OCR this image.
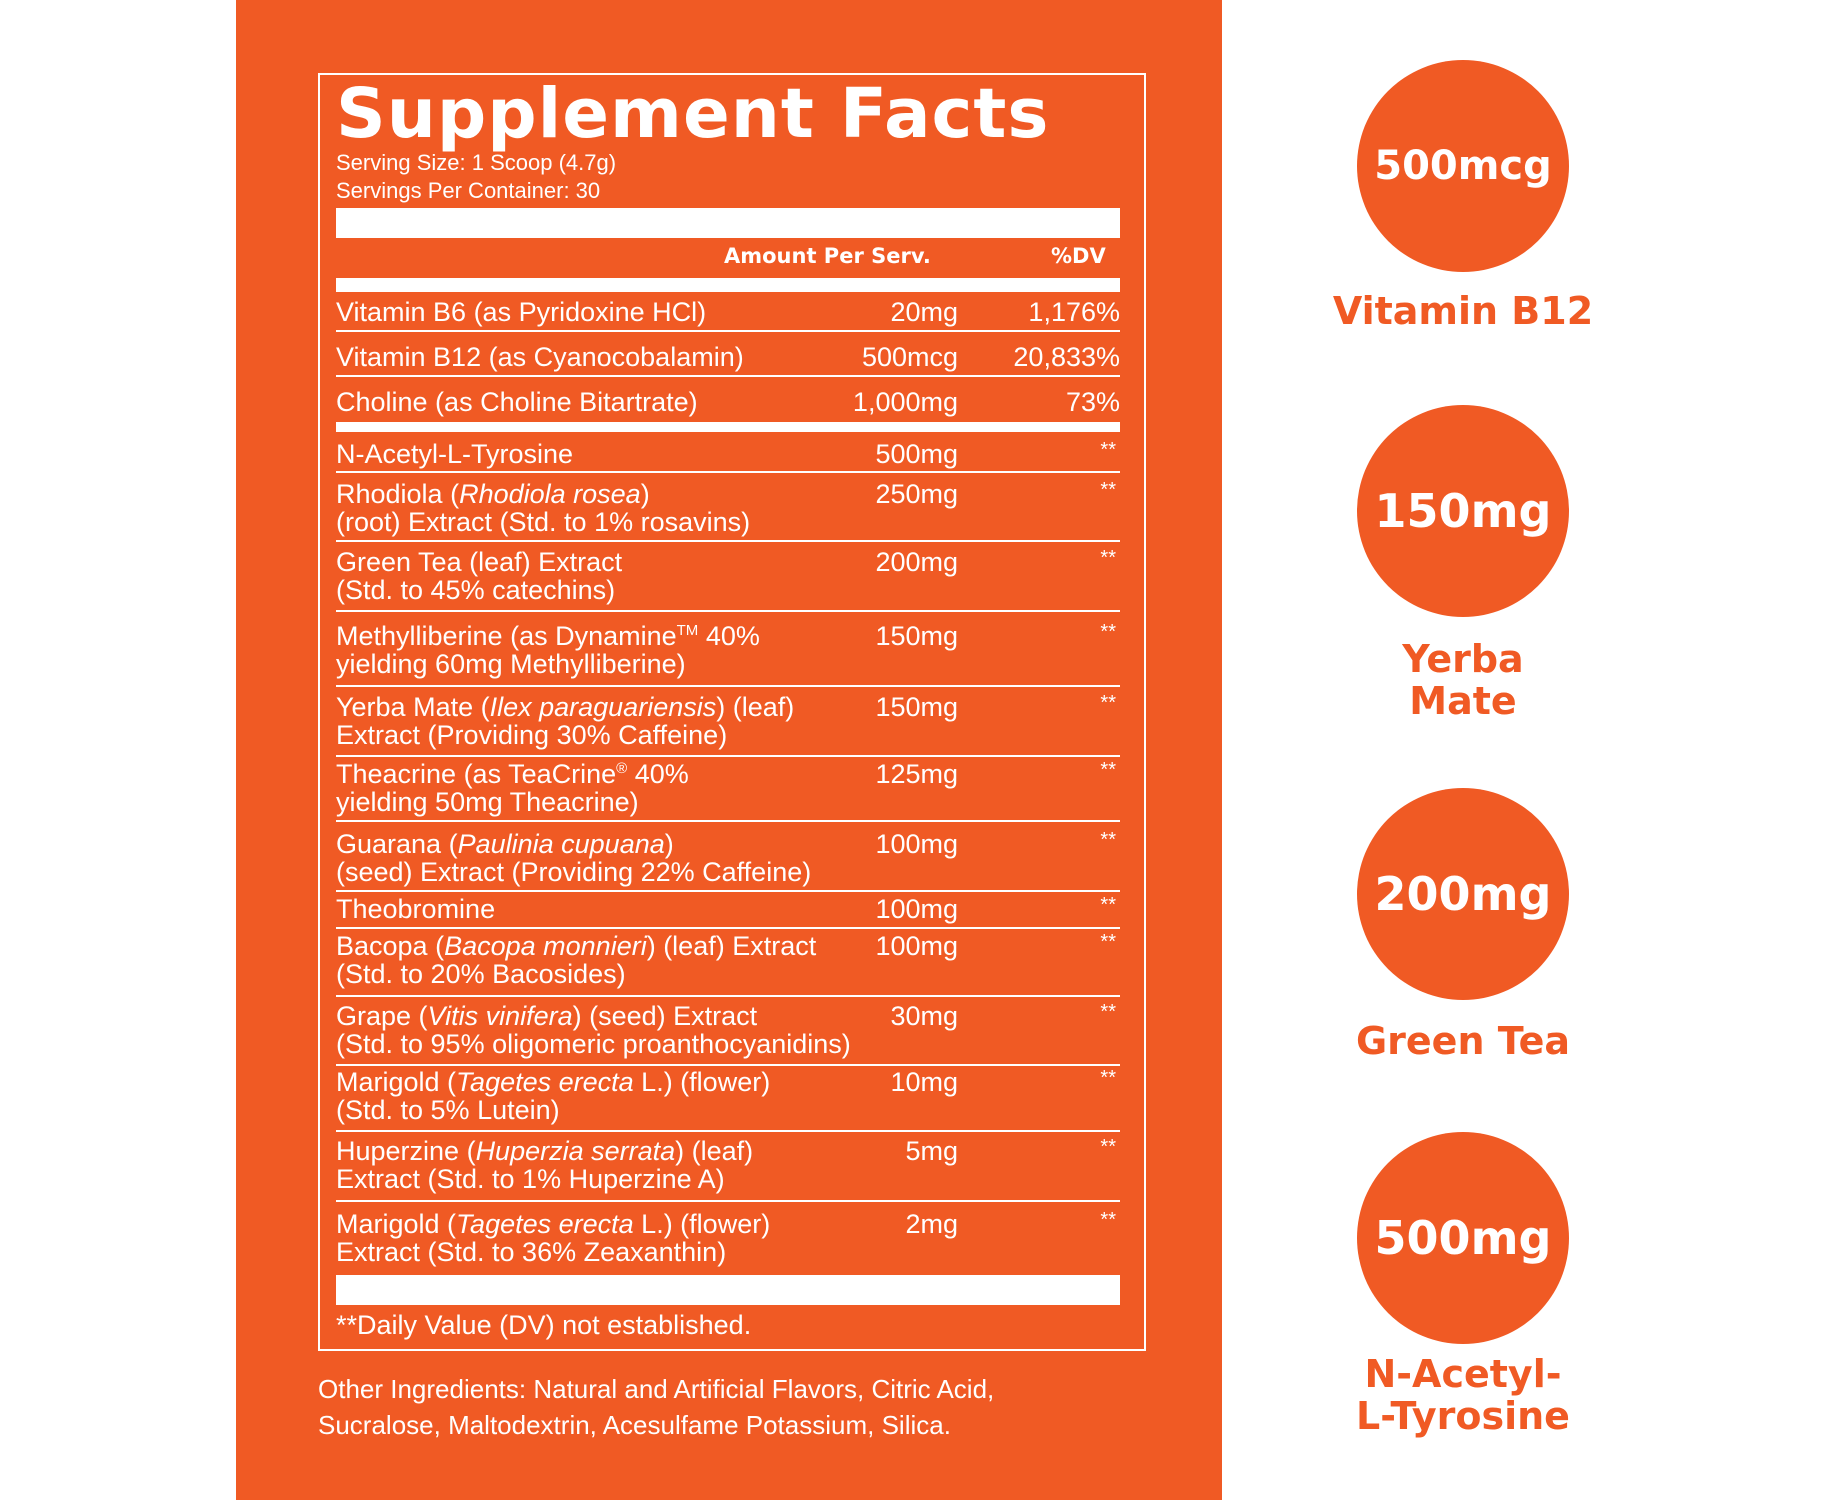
Supplement Facts
Serving Size: 1 Scoop (4.7g)
Servings Per Container: 30
Amount Per Serv.	%DV
Vitamin B6 (as Pyridoxine HCl)	20mg	1,176%
Vitamin B12 (as Cyanocobalamin)	500mcg 20,833%
Choline (as Choline Bitartrate)	1,000mg	73%
N-Acetyl-L-Tyrosine	500mg	**
Rhodiola (Rhodiola rosea)
(root) Extract (Std. to 1% rosavins)
250mg	**
Green Tea (leaf) Extract
(Std. to 45% catechins)
200mg	**
Methylliberine (as Dynamine™ 40%
yielding 60mg Methylliberine)
150mg	**
Yerba Mate (Ilex paraguariensis) (leaf)
Extract (Providing 30% Caffeine)
150mg	**
Theacrine (as TeaCrine® 40%
yielding 50mg Theacrine)
125mg	**
Guarana (Paulinia cupuana)
(seed) Extract (Providing 22% Caffeine)
100mg	**
Theobromine	100mg	**
Bacopa (Bacopa monnieri) (leaf) Extract
(Std. to 20% Bacosides)
100mg	**
Grape (Vitis vinifera) (seed) Extract
(Std. to 95% oligomeric proanthocyanidins)
30mg	**
Marigold (Tagetes erecta L.) (flower)
(Std. to 5% Lutein)
10mg	**
Huperzine (Huperzia serrata) (leaf)
Extract (Std. to 1% Huperzine A)
5mg	**
Marigold (Tagetes erecta L.) (flower)
Extract (Std. to 36% Zeaxanthin)
2mg	**
**Daily Value (DV) not established.
Other Ingredients: Natural and Artificial Flavors, Citric Acid,
Sucralose, Maltodextrin, Acesulfame Potassium, Silica.
500mcg
Vitamin B12
150mg
Yerba
Mate
200mg
Green Tea
500mg
N-Acetyl-
L-Tyrosine
